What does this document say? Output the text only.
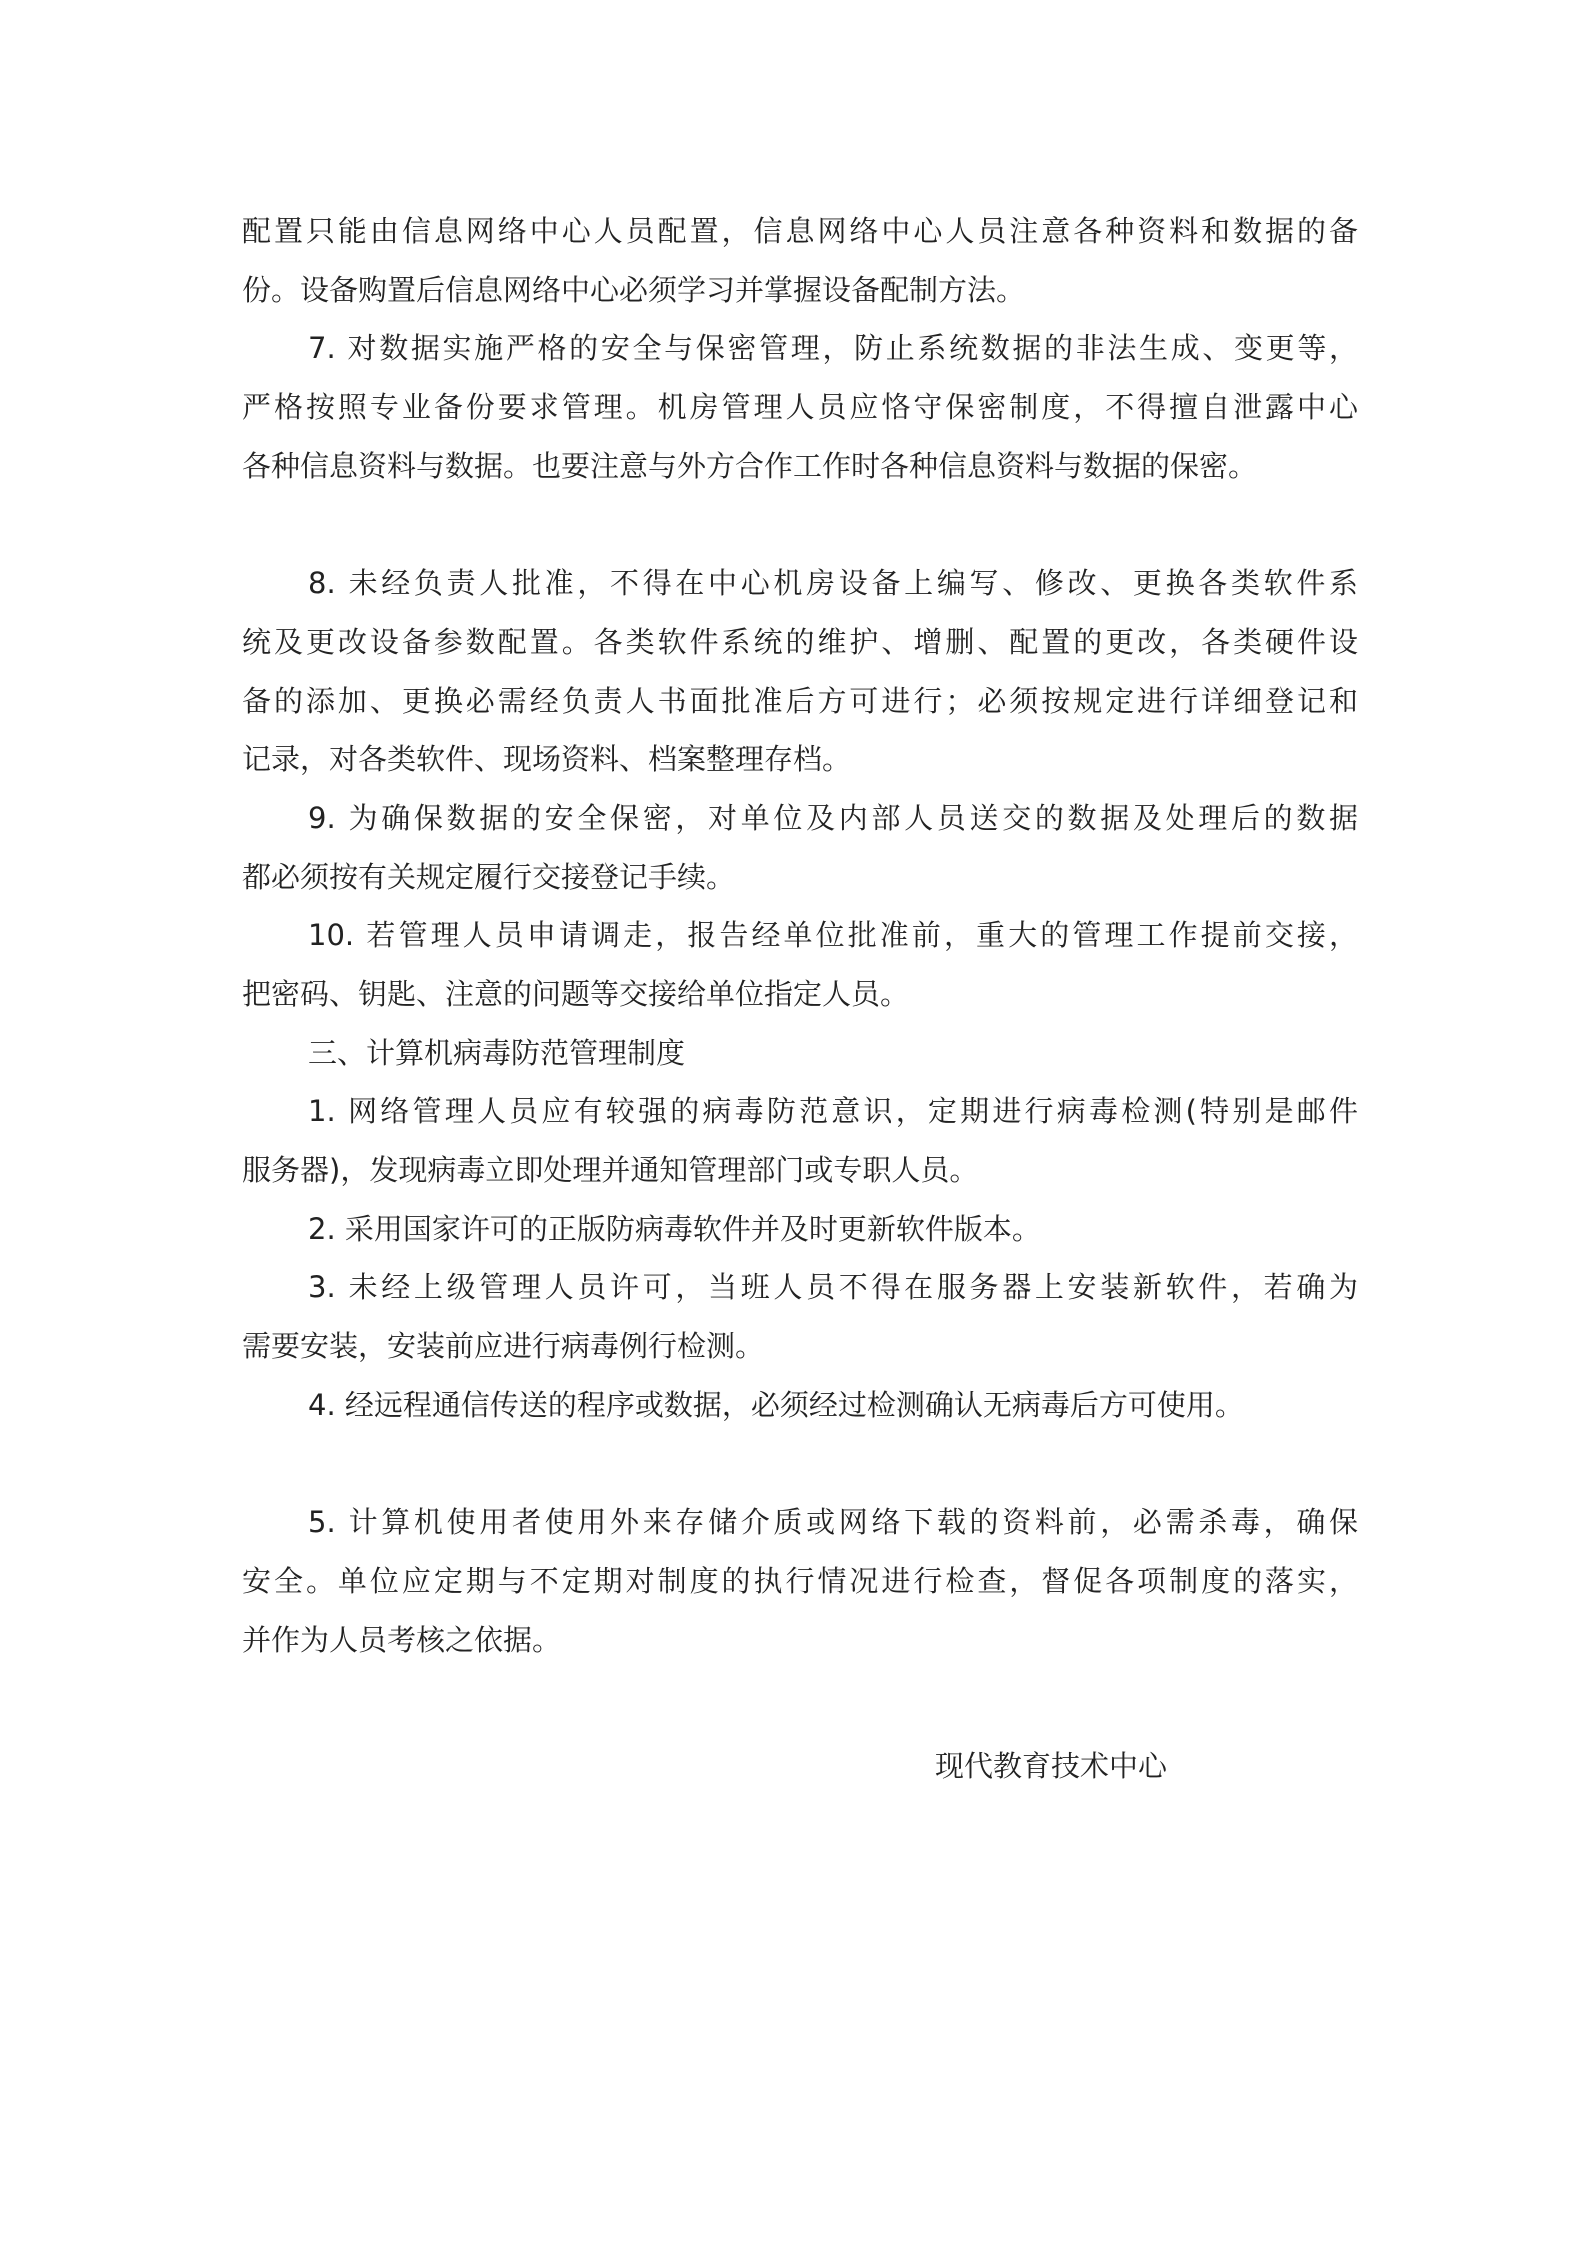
配置只能由信息网络中心人员配置，信息网络中心人员注意各种资料和数据的备
份。设备购置后信息网络中心必须学习并掌握设备配制方法。
7. 对数据实施严格的安全与保密管理，防止系统数据的非法生成、变更等，
严格按照专业备份要求管理。机房管理人员应恪守保密制度，不得擅自泄露中心
各种信息资料与数据。也要注意与外方合作工作时各种信息资料与数据的保密。
8. 未经负责人批准，不得在中心机房设备上编写、修改、更换各类软件系
统及更改设备参数配置。各类软件系统的维护、增删、配置的更改，各类硬件设
备的添加、更换必需经负责人书面批准后方可进行；必须按规定进行详细登记和
记录，对各类软件、现场资料、档案整理存档。
9. 为确保数据的安全保密，对单位及内部人员送交的数据及处理后的数据
都必须按有关规定履行交接登记手续。
10. 若管理人员申请调走，报告经单位批准前，重大的管理工作提前交接，
把密码、钥匙、注意的问题等交接给单位指定人员。
三、计算机病毒防范管理制度
1. 网络管理人员应有较强的病毒防范意识，定期进行病毒检测(特别是邮件
服务器)，发现病毒立即处理并通知管理部门或专职人员。
2. 采用国家许可的正版防病毒软件并及时更新软件版本。
3. 未经上级管理人员许可，当班人员不得在服务器上安装新软件，若确为
需要安装，安装前应进行病毒例行检测。
4. 经远程通信传送的程序或数据，必须经过检测确认无病毒后方可使用。
5. 计算机使用者使用外来存储介质或网络下载的资料前，必需杀毒，确保
安全。单位应定期与不定期对制度的执行情况进行检查，督促各项制度的落实，
并作为人员考核之依据。
现代教育技术中心
